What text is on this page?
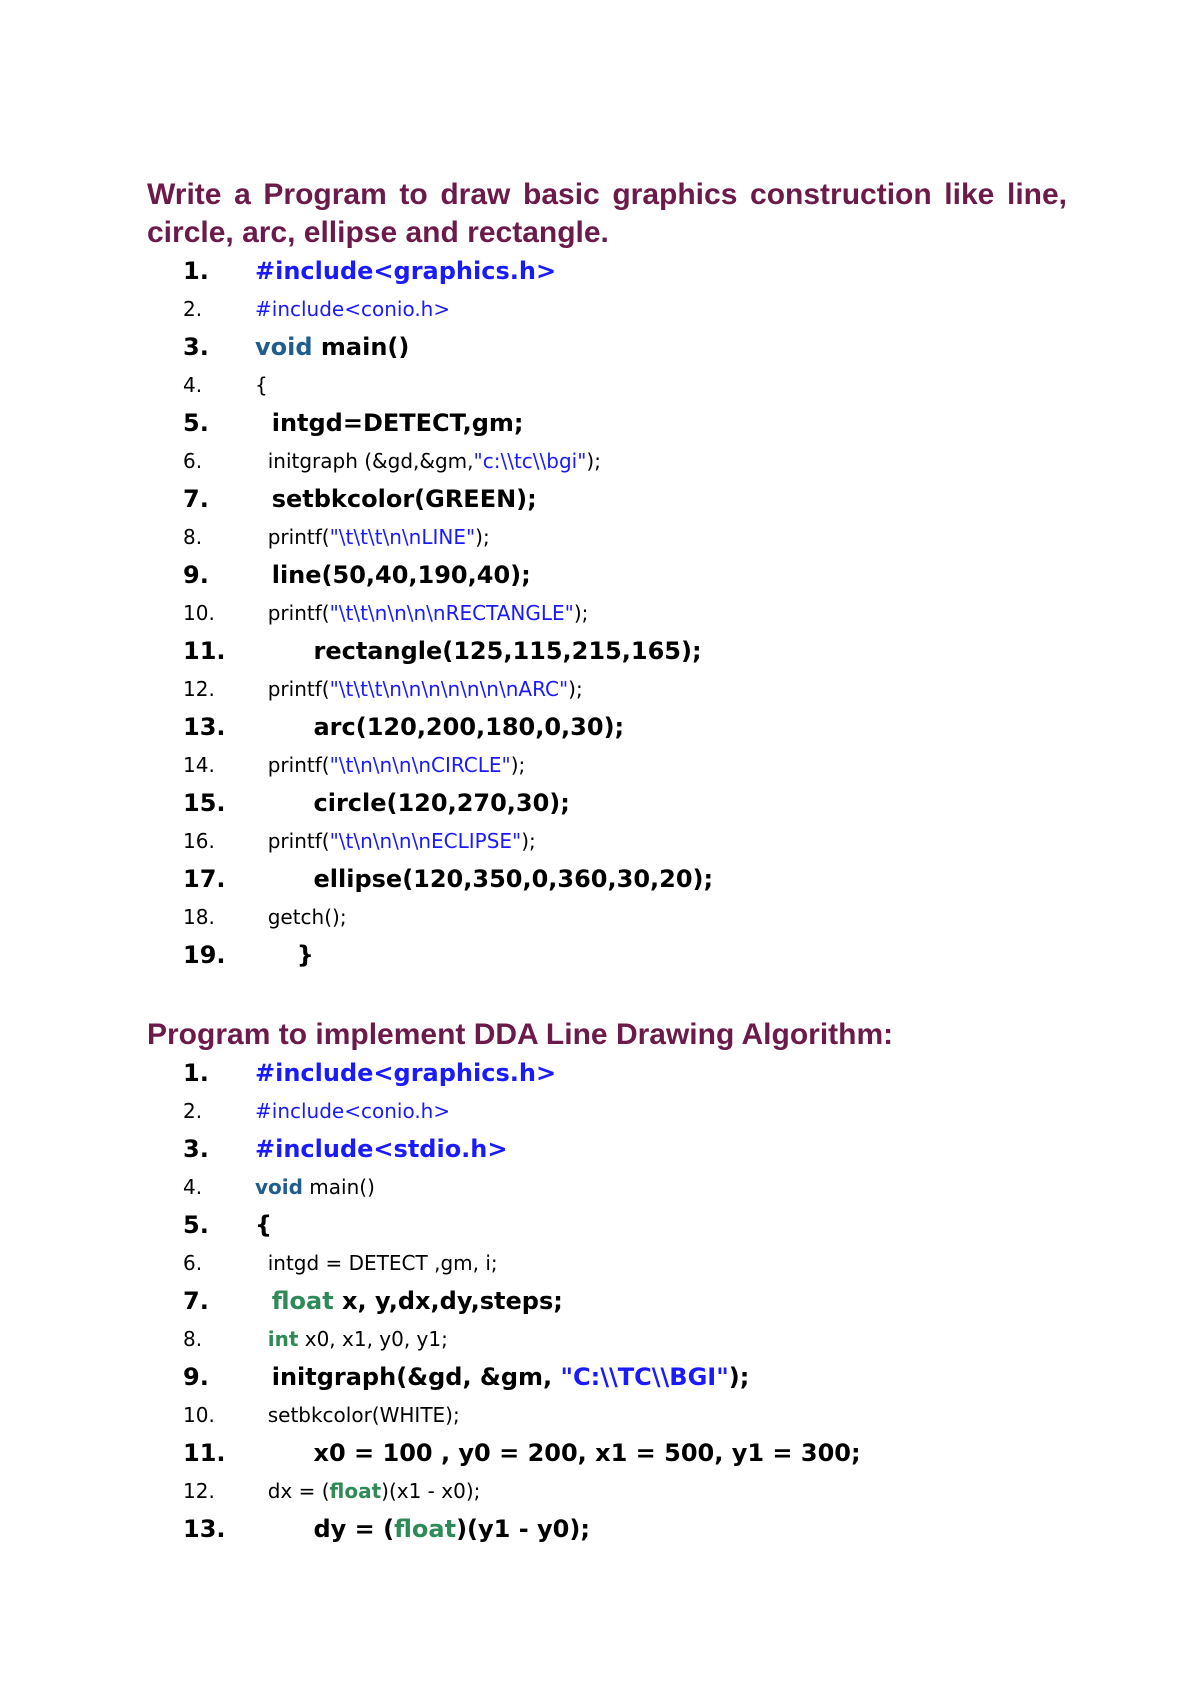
Write a Program to draw basic graphics construction like line, circle, arc, ellipse and rectangle.
1.	#include<graphics.h>
2.	#include<conio.h>
3.	void main()
4.	{
5.	intgd=DETECT,gm;
6.	initgraph (&gd,&gm,"c:\\tc\\bgi");
7.	setbkcolor(GREEN);
8.	printf("\t\t\t\n\nLINE");
9.	line(50,40,190,40);
10.	printf("\t\t\n\n\n\nRECTANGLE");
11.	rectangle(125,115,215,165);
12.	printf("\t\t\t\n\n\n\n\n\n\nARC");
13.	arc(120,200,180,0,30);
14.	printf("\t\n\n\n\nCIRCLE");
15.	circle(120,270,30);
16.	printf("\t\n\n\n\nECLIPSE");
17.	ellipse(120,350,0,360,30,20);
18.	getch();
19.	}
Program to implement DDA Line Drawing Algorithm:
1.	#include<graphics.h>
2.	#include<conio.h>
3.	#include<stdio.h>
4.	void main()
5.	{
6.	intgd = DETECT ,gm, i;
7.	float x, y,dx,dy,steps;
8.	int x0, x1, y0, y1;
9.	initgraph(&gd, &gm, "C:\\TC\\BGI");
10.	setbkcolor(WHITE);
11.	x0 = 100 , y0 = 200, x1 = 500, y1 = 300;
12.	dx = (float)(x1 - x0);
13.	dy = (float)(y1 - y0);
